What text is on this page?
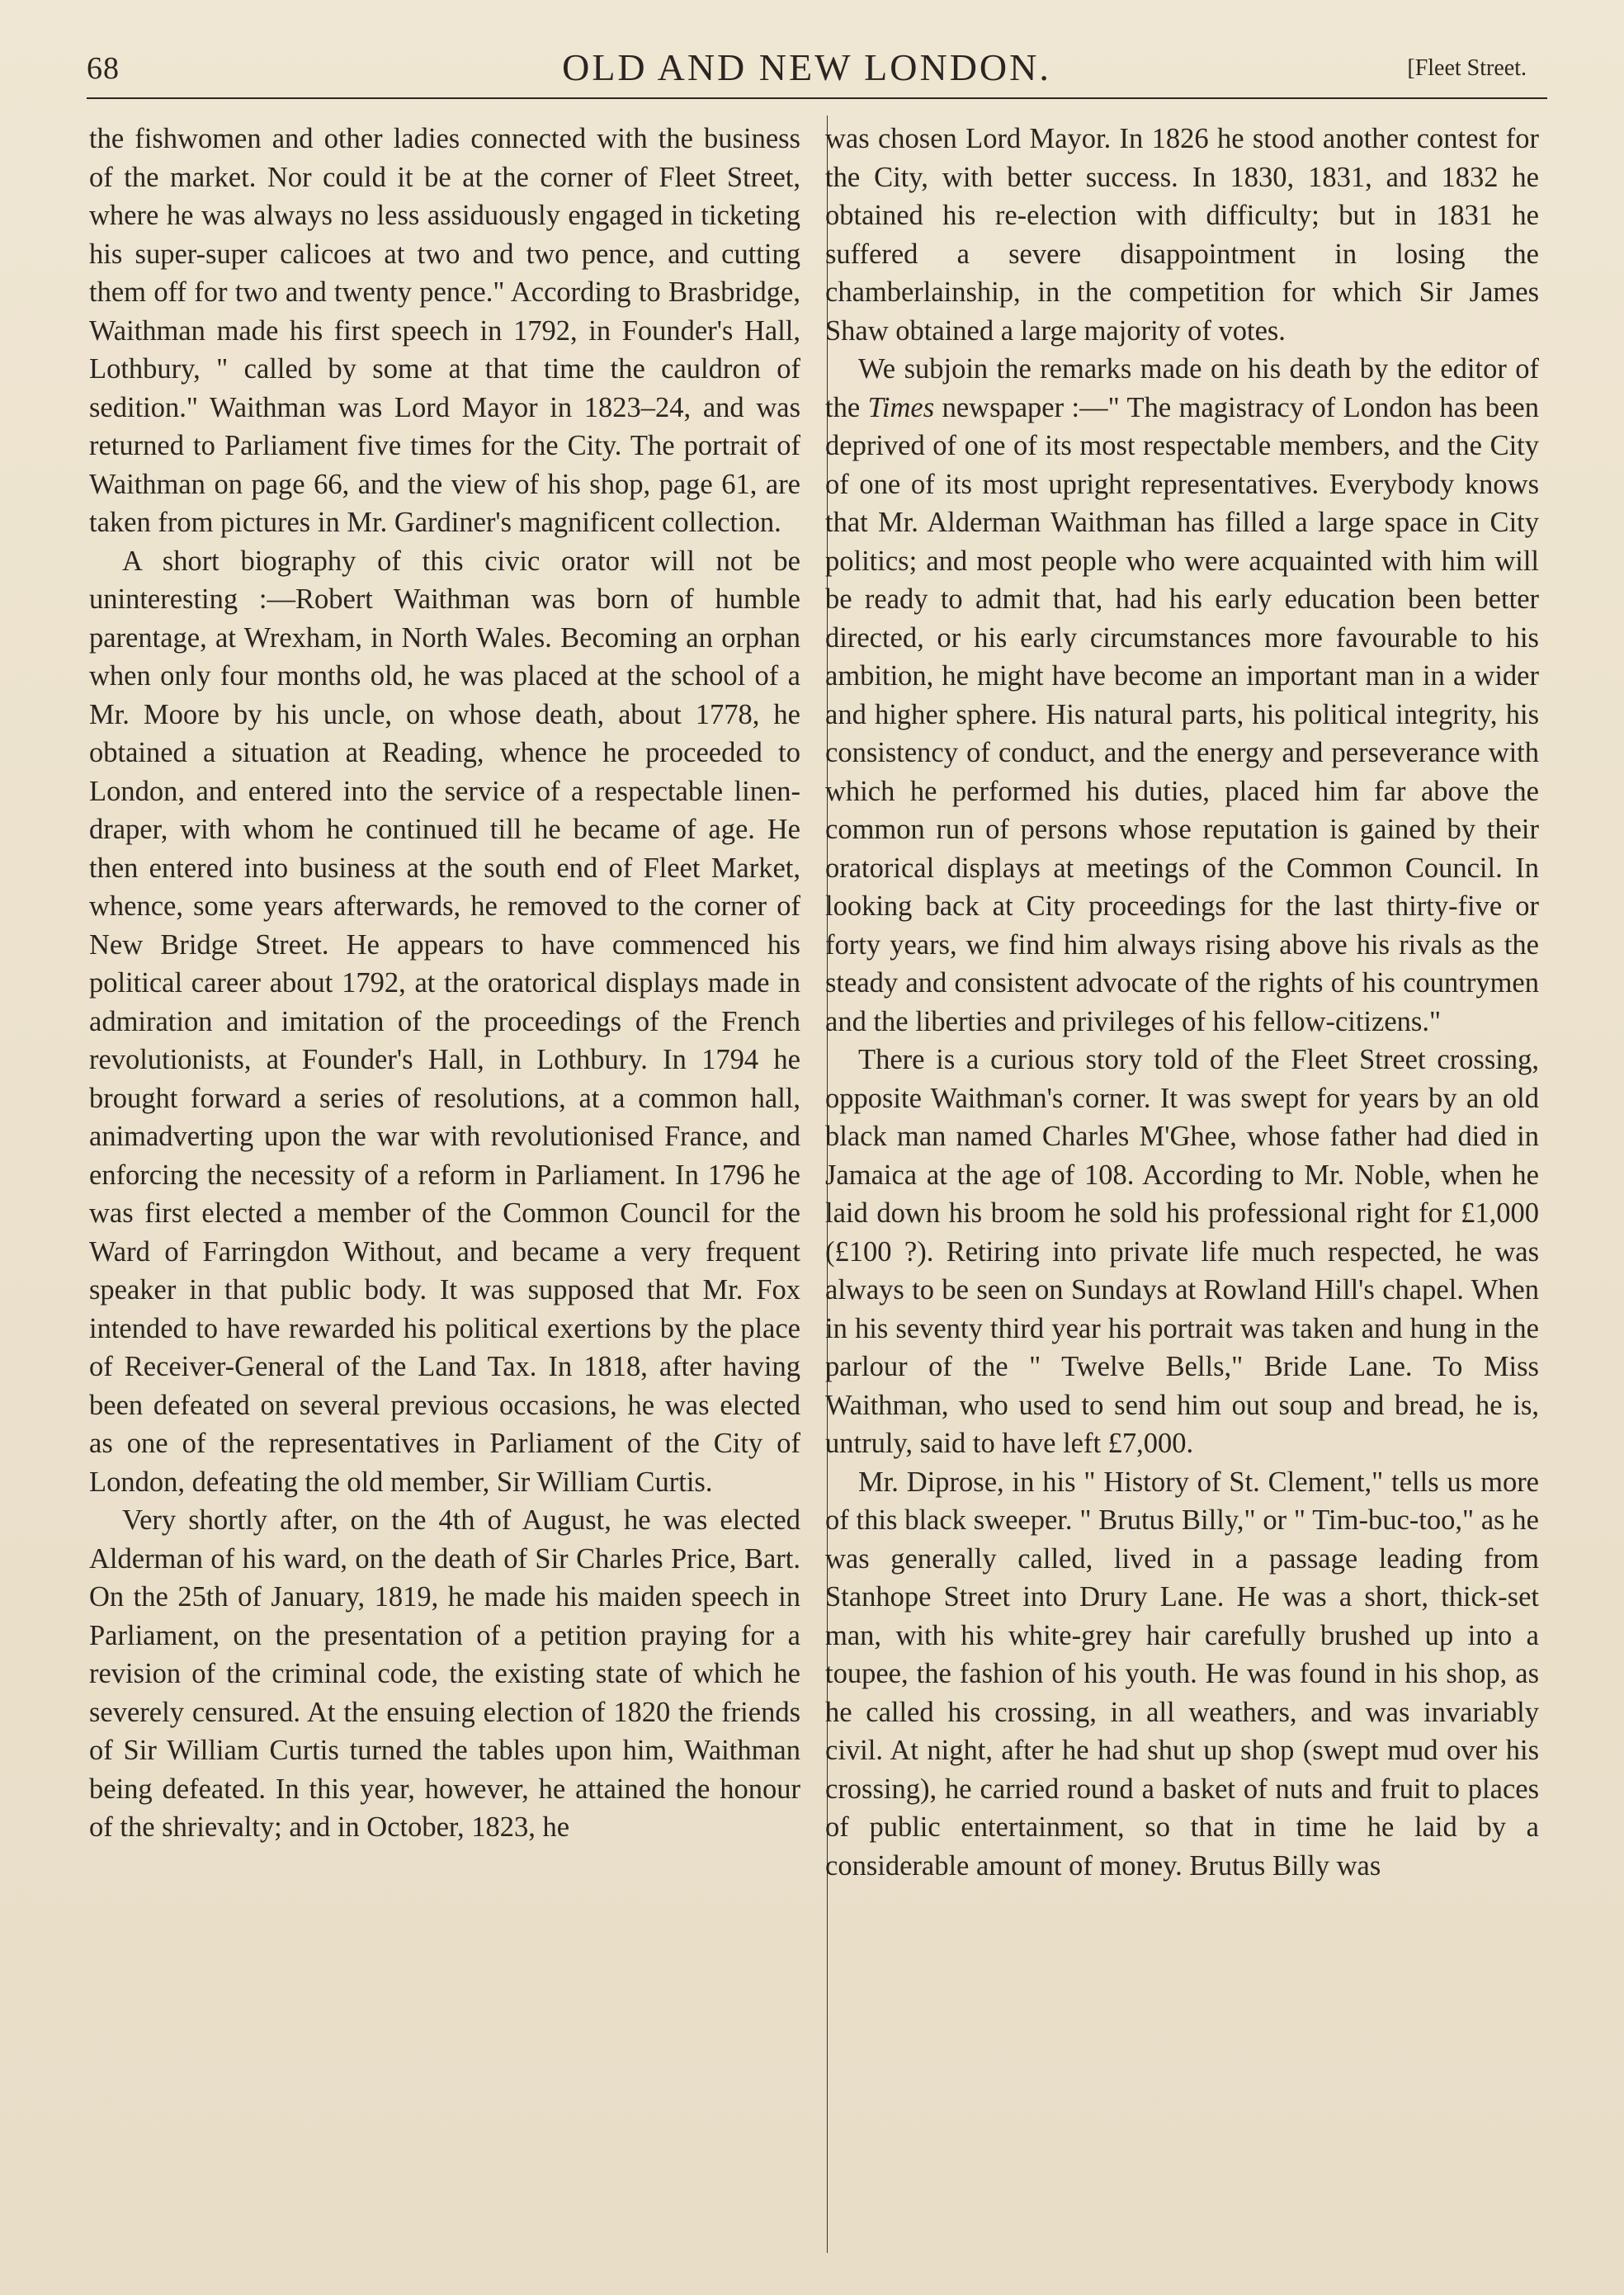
68	OLD AND NEW LONDON.	[Fleet Street.

the fishwomen and other ladies connected with the business of the market. Nor could it be at the corner of Fleet Street, where he was always no less assiduously engaged in ticketing his super-super calicoes at two and two pence, and cutting them off for two and twenty pence." According to Brasbridge, Waithman made his first speech in 1792, in Founder's Hall, Lothbury, " called by some at that time the cauldron of sedition." Waithman was Lord Mayor in 1823–24, and was returned to Parliament five times for the City. The portrait of Waithman on page 66, and the view of his shop, page 61, are taken from pictures in Mr. Gardiner's magnificent collection.

A short biography of this civic orator will not be uninteresting :—Robert Waithman was born of humble parentage, at Wrexham, in North Wales. Becoming an orphan when only four months old, he was placed at the school of a Mr. Moore by his uncle, on whose death, about 1778, he obtained a situation at Reading, whence he proceeded to London, and entered into the service of a respectable linen-draper, with whom he continued till he became of age. He then entered into business at the south end of Fleet Market, whence, some years afterwards, he removed to the corner of New Bridge Street. He appears to have commenced his political career about 1792, at the oratorical displays made in admiration and imitation of the proceedings of the French revolutionists, at Founder's Hall, in Lothbury. In 1794 he brought forward a series of resolutions, at a common hall, animadverting upon the war with revolutionised France, and enforcing the necessity of a reform in Parliament. In 1796 he was first elected a member of the Common Council for the Ward of Farringdon Without, and became a very frequent speaker in that public body. It was supposed that Mr. Fox intended to have rewarded his political exertions by the place of Receiver-General of the Land Tax. In 1818, after having been defeated on several previous occasions, he was elected as one of the representatives in Parliament of the City of London, defeating the old member, Sir William Curtis.

Very shortly after, on the 4th of August, he was elected Alderman of his ward, on the death of Sir Charles Price, Bart. On the 25th of January, 1819, he made his maiden speech in Parliament, on the presentation of a petition praying for a revision of the criminal code, the existing state of which he severely censured. At the ensuing election of 1820 the friends of Sir William Curtis turned the tables upon him, Waithman being defeated. In this year, however, he attained the honour of the shrievalty; and in October, 1823, he

was chosen Lord Mayor. In 1826 he stood another contest for the City, with better success. In 1830, 1831, and 1832 he obtained his re-election with difficulty; but in 1831 he suffered a severe disappointment in losing the chamberlainship, in the competition for which Sir James Shaw obtained a large majority of votes.

We subjoin the remarks made on his death by the editor of the Times newspaper :—" The magistracy of London has been deprived of one of its most respectable members, and the City of one of its most upright representatives. Everybody knows that Mr. Alderman Waithman has filled a large space in City politics; and most people who were acquainted with him will be ready to admit that, had his early education been better directed, or his early circumstances more favourable to his ambition, he might have become an important man in a wider and higher sphere. His natural parts, his political integrity, his consistency of conduct, and the energy and perseverance with which he performed his duties, placed him far above the common run of persons whose reputation is gained by their oratorical displays at meetings of the Common Council. In looking back at City proceedings for the last thirty-five or forty years, we find him always rising above his rivals as the steady and consistent advocate of the rights of his countrymen and the liberties and privileges of his fellow-citizens."

There is a curious story told of the Fleet Street crossing, opposite Waithman's corner. It was swept for years by an old black man named Charles M'Ghee, whose father had died in Jamaica at the age of 108. According to Mr. Noble, when he laid down his broom he sold his professional right for £1,000 (£100 ?). Retiring into private life much respected, he was always to be seen on Sundays at Rowland Hill's chapel. When in his seventy third year his portrait was taken and hung in the parlour of the " Twelve Bells," Bride Lane. To Miss Waithman, who used to send him out soup and bread, he is, untruly, said to have left £7,000.

Mr. Diprose, in his " History of St. Clement," tells us more of this black sweeper. " Brutus Billy," or " Tim-buc-too," as he was generally called, lived in a passage leading from Stanhope Street into Drury Lane. He was a short, thick-set man, with his white-grey hair carefully brushed up into a toupee, the fashion of his youth. He was found in his shop, as he called his crossing, in all weathers, and was invariably civil. At night, after he had shut up shop (swept mud over his crossing), he carried round a basket of nuts and fruit to places of public entertainment, so that in time he laid by a considerable amount of money. Brutus Billy was
